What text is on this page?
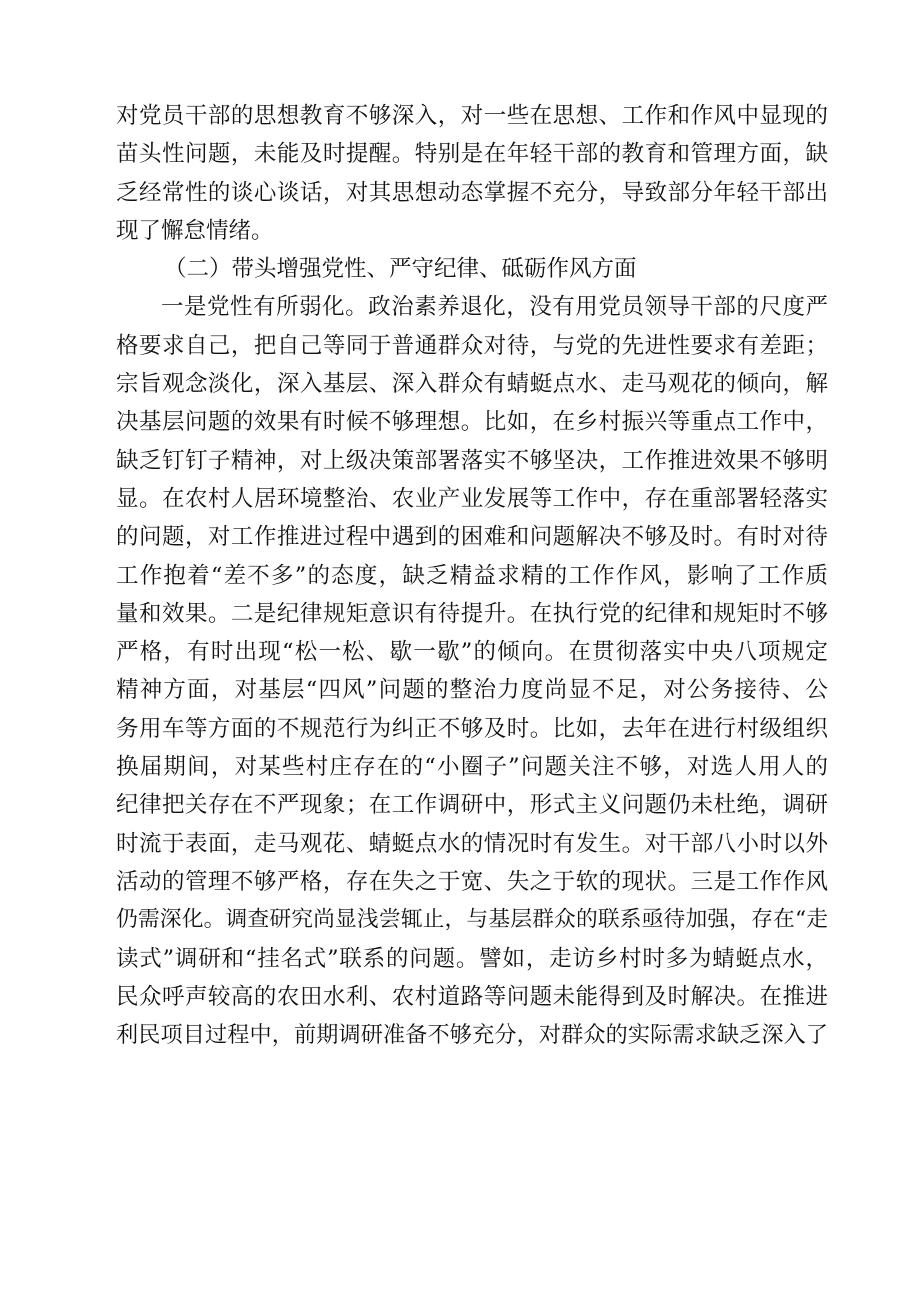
对党员干部的思想教育不够深入，对一些在思想、工作和作风中显现的
苗头性问题，未能及时提醒。特别是在年轻干部的教育和管理方面，缺
乏经常性的谈心谈话，对其思想动态掌握不充分，导致部分年轻干部出
现了懈怠情绪。
（二）带头增强党性、严守纪律、砥砺作风方面
一是党性有所弱化。政治素养退化，没有用党员领导干部的尺度严
格要求自己，把自己等同于普通群众对待，与党的先进性要求有差距；
宗旨观念淡化，深入基层、深入群众有蜻蜓点水、走马观花的倾向，解
决基层问题的效果有时候不够理想。比如，在乡村振兴等重点工作中，
缺乏钉钉子精神，对上级决策部署落实不够坚决，工作推进效果不够明
显。在农村人居环境整治、农业产业发展等工作中，存在重部署轻落实
的问题，对工作推进过程中遇到的困难和问题解决不够及时。有时对待
工作抱着“差不多”的态度，缺乏精益求精的工作作风，影响了工作质
量和效果。二是纪律规矩意识有待提升。在执行党的纪律和规矩时不够
严格，有时出现“松一松、歇一歇”的倾向。在贯彻落实中央八项规定
精神方面，对基层“四风”问题的整治力度尚显不足，对公务接待、公
务用车等方面的不规范行为纠正不够及时。比如，去年在进行村级组织
换届期间，对某些村庄存在的“小圈子”问题关注不够，对选人用人的
纪律把关存在不严现象；在工作调研中，形式主义问题仍未杜绝，调研
时流于表面，走马观花、蜻蜓点水的情况时有发生。对干部八小时以外
活动的管理不够严格，存在失之于宽、失之于软的现状。三是工作作风
仍需深化。调查研究尚显浅尝辄止，与基层群众的联系亟待加强，存在“走
读式”调研和“挂名式”联系的问题。譬如，走访乡村时多为蜻蜓点水，
民众呼声较高的农田水利、农村道路等问题未能得到及时解决。在推进
利民项目过程中，前期调研准备不够充分，对群众的实际需求缺乏深入了
